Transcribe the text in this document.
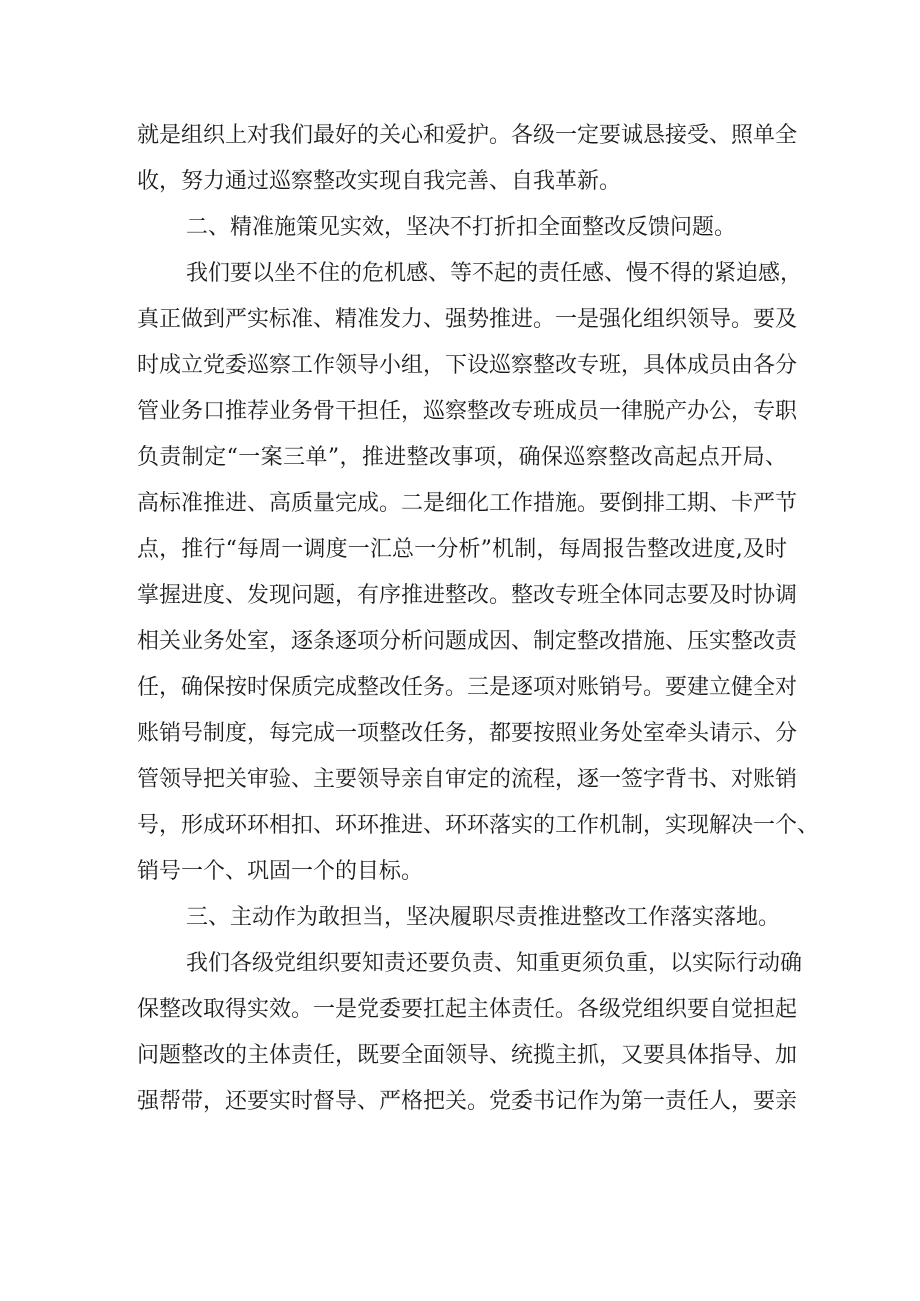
就是组织上对我们最好的关心和爱护。各级一定要诚恳接受、照单全
收，努力通过巡察整改实现自我完善、自我革新。
二、精准施策见实效，坚决不打折扣全面整改反馈问题。
我们要以坐不住的危机感、等不起的责任感、慢不得的紧迫感，
真正做到严实标准、精准发力、强势推进。一是强化组织领导。要及
时成立党委巡察工作领导小组，下设巡察整改专班，具体成员由各分
管业务口推荐业务骨干担任，巡察整改专班成员一律脱产办公，专职
负责制定“一案三单”，推进整改事项，确保巡察整改高起点开局、
高标准推进、高质量完成。二是细化工作措施。要倒排工期、卡严节
点，推行“每周一调度一汇总一分析”机制，每周报告整改进度,及时
掌握进度、发现问题，有序推进整改。整改专班全体同志要及时协调
相关业务处室，逐条逐项分析问题成因、制定整改措施、压实整改责
任，确保按时保质完成整改任务。三是逐项对账销号。要建立健全对
账销号制度，每完成一项整改任务，都要按照业务处室牵头请示、分
管领导把关审验、主要领导亲自审定的流程，逐一签字背书、对账销
号，形成环环相扣、环环推进、环环落实的工作机制，实现解决一个、
销号一个、巩固一个的目标。
三、主动作为敢担当，坚决履职尽责推进整改工作落实落地。
我们各级党组织要知责还要负责、知重更须负重，以实际行动确
保整改取得实效。一是党委要扛起主体责任。各级党组织要自觉担起
问题整改的主体责任，既要全面领导、统揽主抓，又要具体指导、加
强帮带，还要实时督导、严格把关。党委书记作为第一责任人，要亲
